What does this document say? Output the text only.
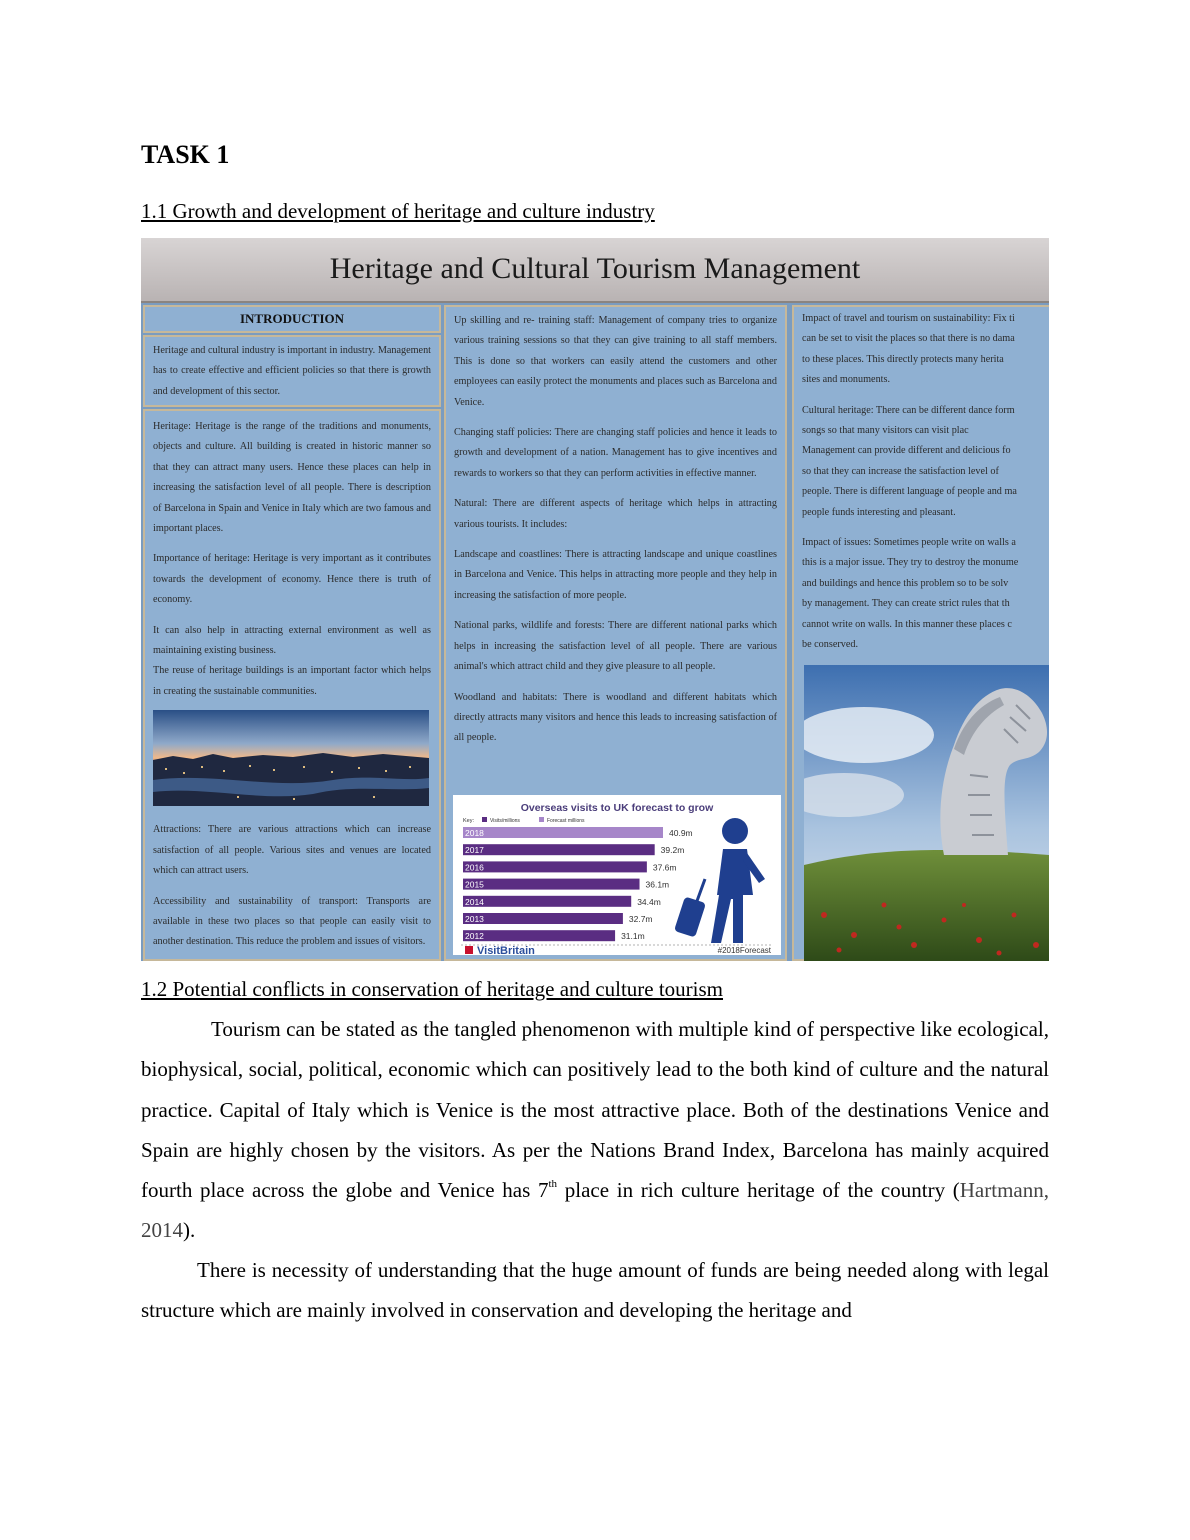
TASK 1
1.1 Growth and development of heritage and culture industry
Heritage and Cultural Tourism Management
INTRODUCTION

Heritage and cultural industry is important in industry. Management has to create effective and efficient policies so that there is growth and development of this sector.

Heritage: Heritage is the range of the traditions and monuments, objects and culture. All building is created in historic manner so that they can attract many users. Hence these places can help in increasing the satisfaction level of all people. There is description of Barcelona in Spain and Venice in Italy which are two famous and important places.

Importance of heritage: Heritage is very important as it contributes towards the development of economy. Hence there is truth of economy.

It can also help in attracting external environment as well as maintaining existing business.

The reuse of heritage buildings is an important factor which helps in creating the sustainable communities.

Attractions: There are various attractions which can increase satisfaction of all people. Various sites and venues are located which can attract users.

Accessibility and sustainability of transport: Transports are available in these two places so that people can easily visit to another destination. This reduce the problem and issues of visitors.

Up skilling and re- training staff: Management of company tries to organize various training sessions so that they can give training to all staff members. This is done so that workers can easily attend the customers and other employees can easily protect the monuments and places such as Barcelona and Venice.

Changing staff policies: There are changing staff policies and hence it leads to growth and development of a nation. Management has to give incentives and rewards to workers so that they can perform activities in effective manner.

Natural: There are different aspects of heritage which helps in attracting various tourists. It includes:

Landscape and coastlines: There is attracting landscape and unique coastlines in Barcelona and Venice. This helps in attracting more people and they help in increasing the satisfaction of more people.

National parks, wildlife and forests: There are different national parks which helps in increasing the satisfaction level of all people. There are various animal's which attract child and they give pleasure to all people.

Woodland and habitats: There is woodland and different habitats which directly attracts many visitors and hence this leads to increasing satisfaction of all people.

Overseas visits to UK forecast to grow
Key:	Visits/millions	Forecast millions
2018	40.9m
2017	39.2m
2016	37.6m
2015	36.1m
2014	34.4m
2013	32.7m
2012	31.1m
VisitBritain	#2018Forecast

Impact of travel and tourism on sustainability: Fix ti
can be set to visit the places so that there is no dama
to these places. This directly protects many herita
sites and monuments.

Cultural heritage: There can be different dance form
songs so that many visitors can visit plac
Management can provide different and delicious fo
so that they can increase the satisfaction level of
people. There is different language of people and ma
people funds interesting and pleasant.

Impact of issues: Sometimes people write on walls a
this is a major issue. They try to destroy the monume
and buildings and hence this problem so to be solv
by management. They can create strict rules that th
cannot write on walls. In this manner these places c
be conserved.

1.2 Potential conflicts in conservation of heritage and culture tourism

Tourism can be stated as the tangled phenomenon with multiple kind of perspective like ecological, biophysical, social, political, economic which can positively lead to the both kind of culture and the natural practice. Capital of Italy which is Venice is the most attractive place. Both of the destinations Venice and Spain are highly chosen by the visitors. As per the Nations Brand Index, Barcelona has mainly acquired fourth place across the globe and Venice has 7th place in rich culture heritage of the country (Hartmann, 2014).

There is necessity of understanding that the huge amount of funds are being needed along with legal structure which are mainly involved in conservation and developing the heritage and
